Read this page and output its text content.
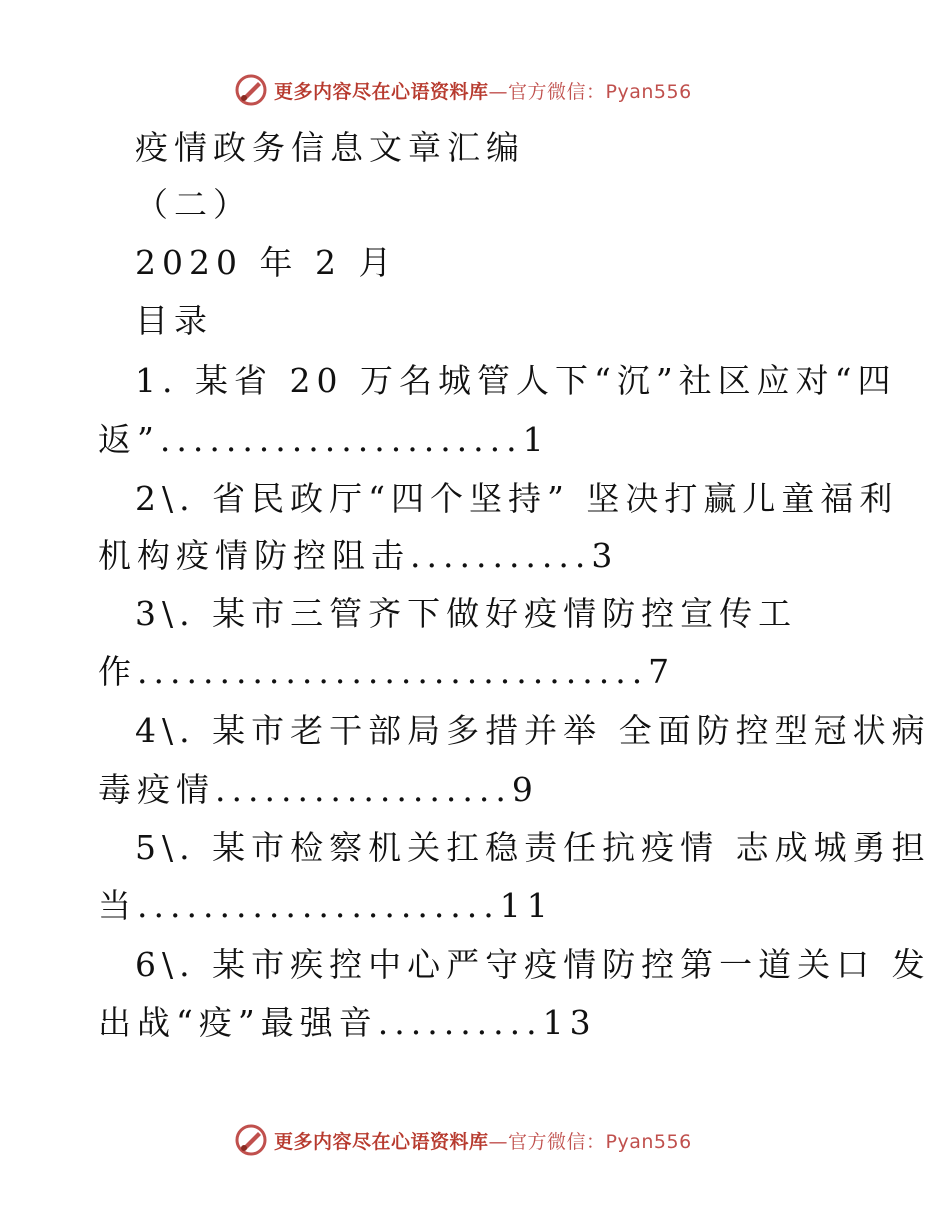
更多内容尽在心语资料库—官方微信：Pyan556
疫情政务信息文章汇编
（二）
2020 年 2 月
目录
1. 某省 20 万名城管人下“沉”社区应对“四
返”......................1
2\. 省民政厅“四个坚持” 坚决打赢儿童福利
机构疫情防控阻击...........3
3\. 某市三管齐下做好疫情防控宣传工
作...............................7
4\. 某市老干部局多措并举 全面防控型冠状病
毒疫情..................9
5\. 某市检察机关扛稳责任抗疫情 志成城勇担
当......................11
6\. 某市疾控中心严守疫情防控第一道关口 发
出战“疫”最强音..........13
更多内容尽在心语资料库—官方微信：Pyan556
